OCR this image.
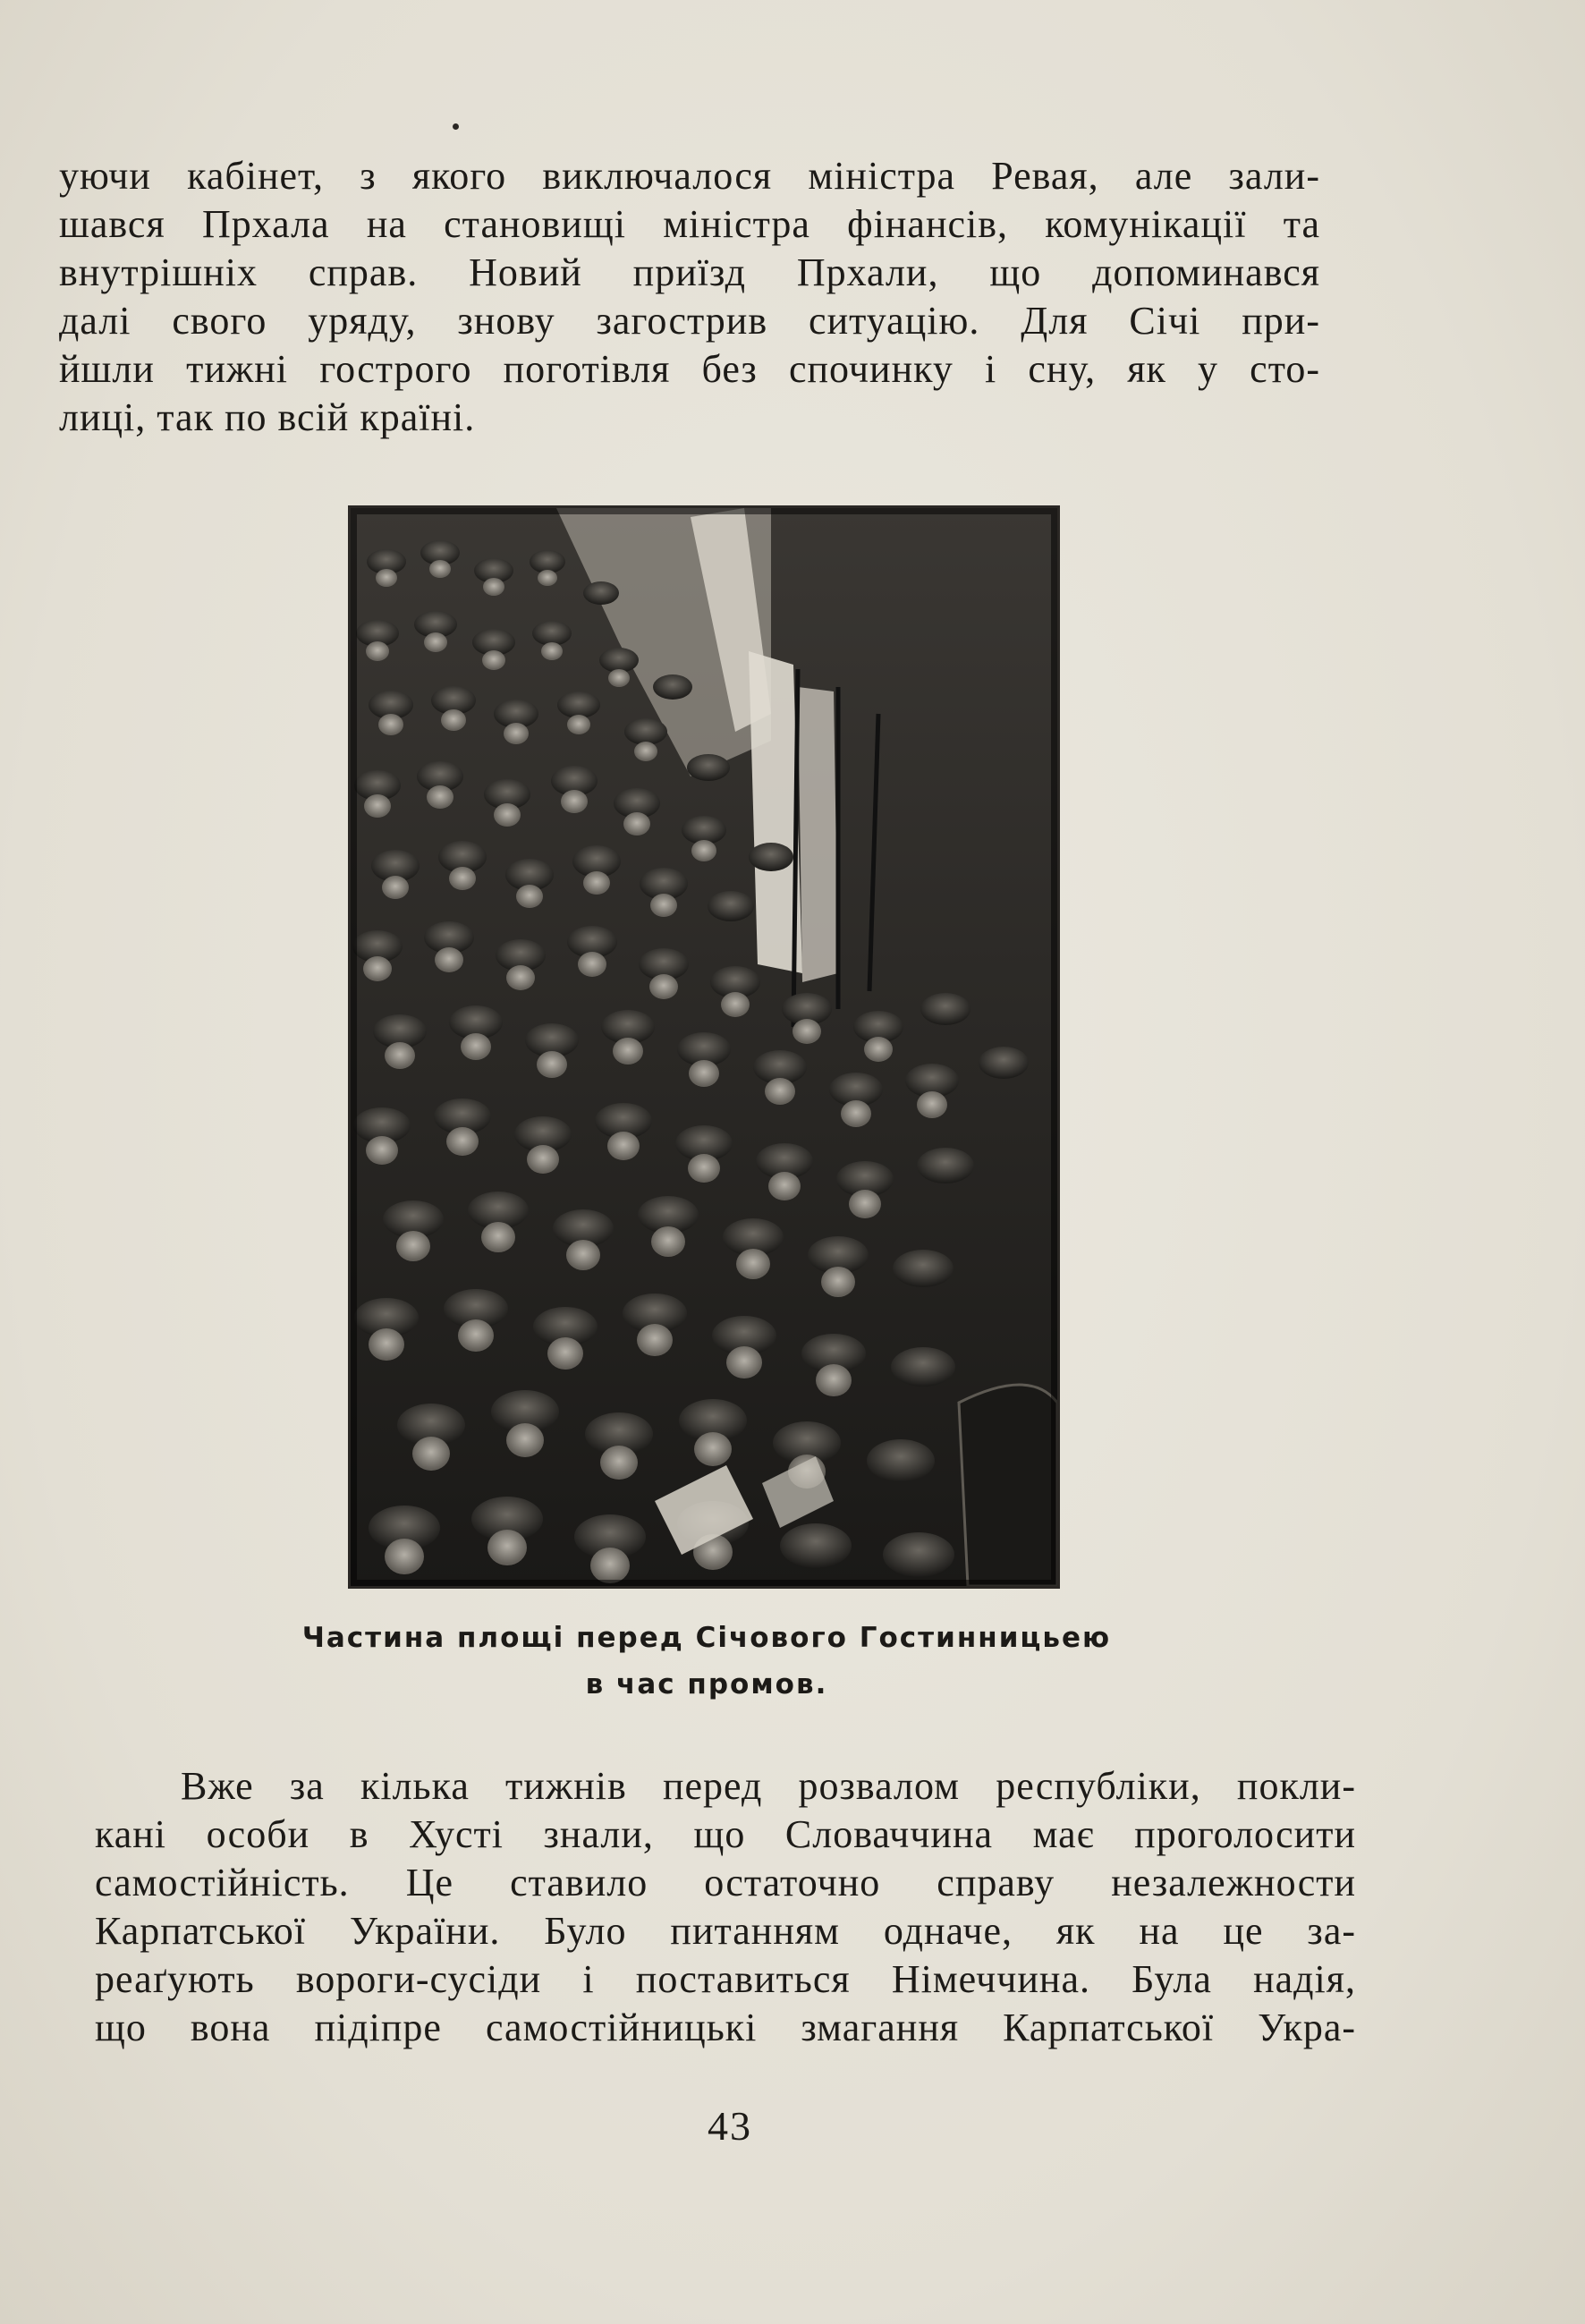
уючи кабінет, з якого виключалося міністра Ревая, але зали-
шався Прхала на становищі міністра фінансів, комунікації та
внутрішніх справ. Новий приїзд Прхали, що допоминався
далі свого уряду, знову загострив ситуацію. Для Січі при-
йшли тижні гострого поготівля без спочинку і сну, як у сто-
лиці, так по всій країні.
Частина площі перед Січового Гостинницьею
в час промов.
Вже за кілька тижнів перед розвалом республіки, покли-
кані особи в Хусті знали, що Словаччина має проголосити
самостійність. Це ставило остаточно справу незалежности
Карпатської України. Було питанням одначе, як на це за-
реаґують вороги-сусіди і поставиться Німеччина. Була надія,
що вона підіпре самостійницькі змагання Карпатської Укра-
43
